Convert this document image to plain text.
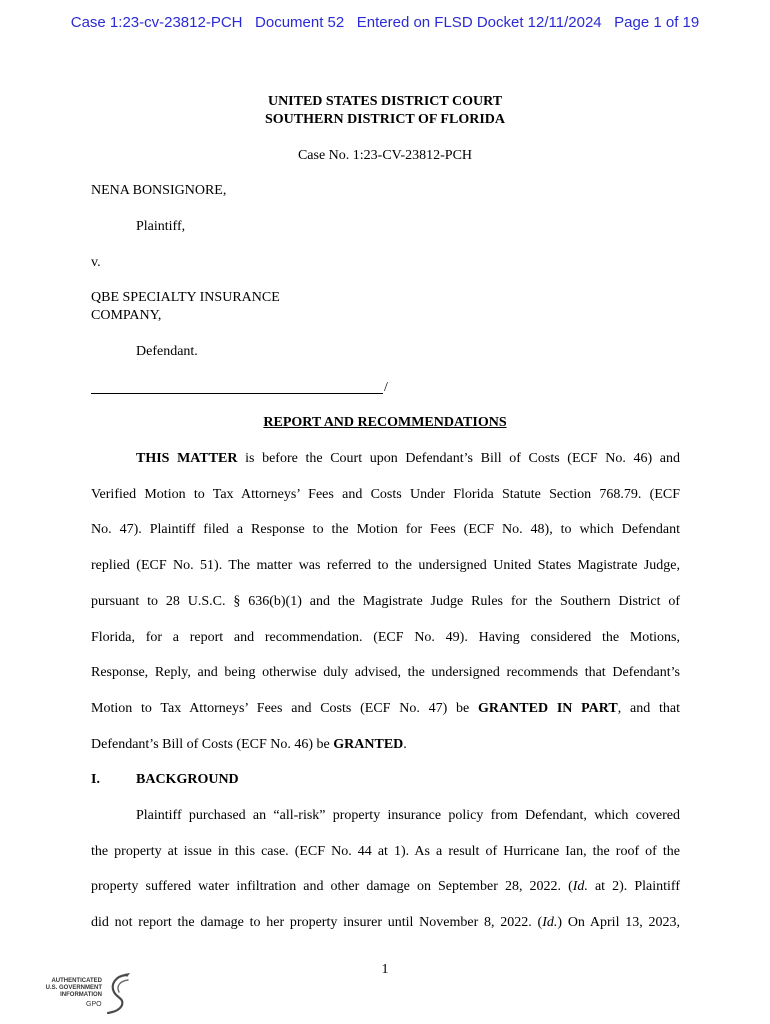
Case 1:23-cv-23812-PCH Document 52 Entered on FLSD Docket 12/11/2024 Page 1 of 19
UNITED STATES DISTRICT COURT
SOUTHERN DISTRICT OF FLORIDA
Case No. 1:23-CV-23812-PCH
NENA BONSIGNORE,
Plaintiff,
v.
QBE SPECIALTY INSURANCE
COMPANY,
Defendant.
/
REPORT AND RECOMMENDATIONS
THIS MATTER is before the Court upon Defendant’s Bill of Costs (ECF No. 46) and
Verified Motion to Tax Attorneys’ Fees and Costs Under Florida Statute Section 768.79. (ECF
No. 47). Plaintiff filed a Response to the Motion for Fees (ECF No. 48), to which Defendant
replied (ECF No. 51). The matter was referred to the undersigned United States Magistrate Judge,
pursuant to 28 U.S.C. § 636(b)(1) and the Magistrate Judge Rules for the Southern District of
Florida, for a report and recommendation. (ECF No. 49). Having considered the Motions,
Response, Reply, and being otherwise duly advised, the undersigned recommends that Defendant’s
Motion to Tax Attorneys’ Fees and Costs (ECF No. 47) be GRANTED IN PART, and that
Defendant’s Bill of Costs (ECF No. 46) be GRANTED.
I.	BACKGROUND
Plaintiff purchased an “all-risk” property insurance policy from Defendant, which covered
the property at issue in this case. (ECF No. 44 at 1). As a result of Hurricane Ian, the roof of the
property suffered water infiltration and other damage on September 28, 2022. (Id. at 2). Plaintiff
did not report the damage to her property insurer until November 8, 2022. (Id.) On April 13, 2023,
1
AUTHENTICATED
U.S. GOVERNMENT
INFORMATION
GPO
